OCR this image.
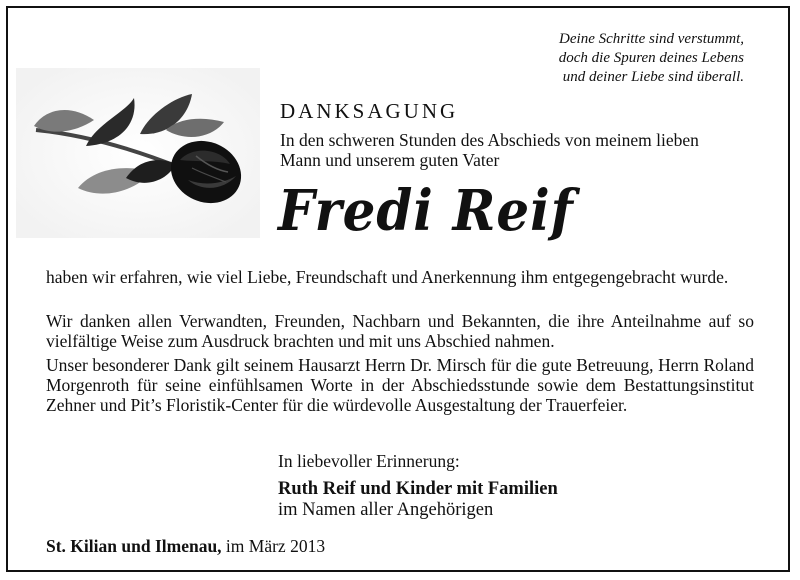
Deine Schritte sind verstummt,
doch die Spuren deines Lebens
und deiner Liebe sind überall.
DANKSAGUNG
In den schweren Stunden des Abschieds von meinem lieben
Mann und unserem guten Vater
Fredi Reif
haben wir erfahren, wie viel Liebe, Freundschaft und Anerkennung ihm entgegengebracht wurde.
Wir danken allen Verwandten, Freunden, Nachbarn und Bekannten, die ihre Anteilnahme auf so vielfältige Weise zum Ausdruck brachten und mit uns Abschied nahmen.
Unser besonderer Dank gilt seinem Hausarzt Herrn Dr. Mirsch für die gute Betreuung, Herrn Roland Morgenroth für seine einfühlsamen Worte in der Abschiedsstunde sowie dem Bestattungsinstitut Zehner und Pit’s Floristik-Center für die würdevolle Ausgestaltung der Trauerfeier.
In liebevoller Erinnerung:
Ruth Reif und Kinder mit Familien
im Namen aller Angehörigen
St. Kilian und Ilmenau, im März 2013
